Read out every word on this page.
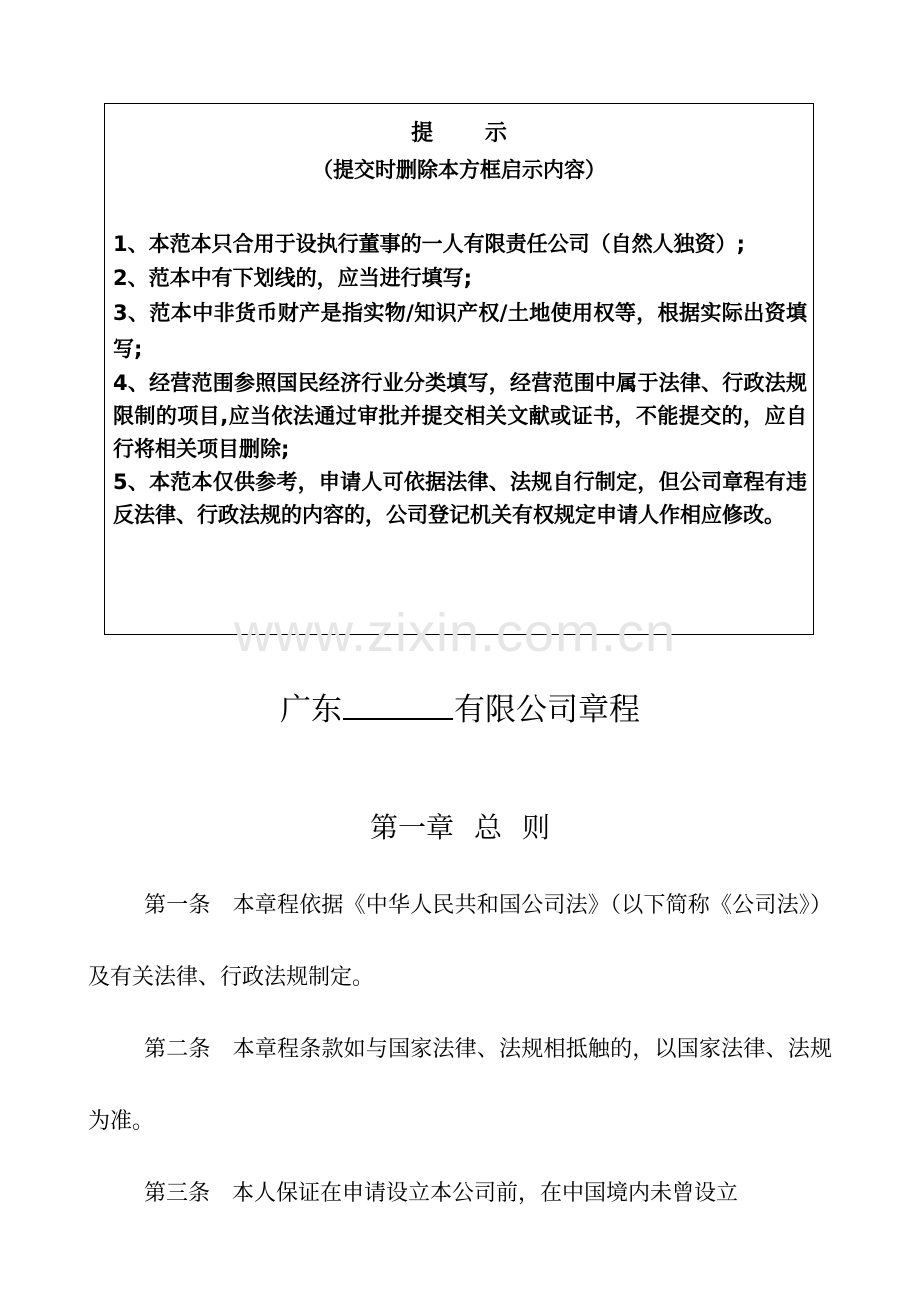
提 示
（提交时删除本方框启示内容）
1、本范本只合用于设执行董事的一人有限责任公司（自然人独资）;
2、范本中有下划线的，应当进行填写;
3、范本中非货币财产是指实物/知识产权/土地使用权等，根据实际出资填写;
4、经营范围参照国民经济行业分类填写，经营范围中属于法律、行政法规限制的项目,应当依法通过审批并提交相关文献或证书，不能提交的，应自行将相关项目删除;
5、本范本仅供参考，申请人可依据法律、法规自行制定，但公司章程有违反法律、行政法规的内容的，公司登记机关有权规定申请人作相应修改。
www.zixin.com.cn
广东	有限公司章程
第一章 总 则

第一条 本章程依据《中华人民共和国公司法》（以下简称《公司法》）及有关法律、行政法规制定。

第二条 本章程条款如与国家法律、法规相抵触的，以国家法律、法规为准。

第三条 本人保证在申请设立本公司前，在中国境内未曾设立
